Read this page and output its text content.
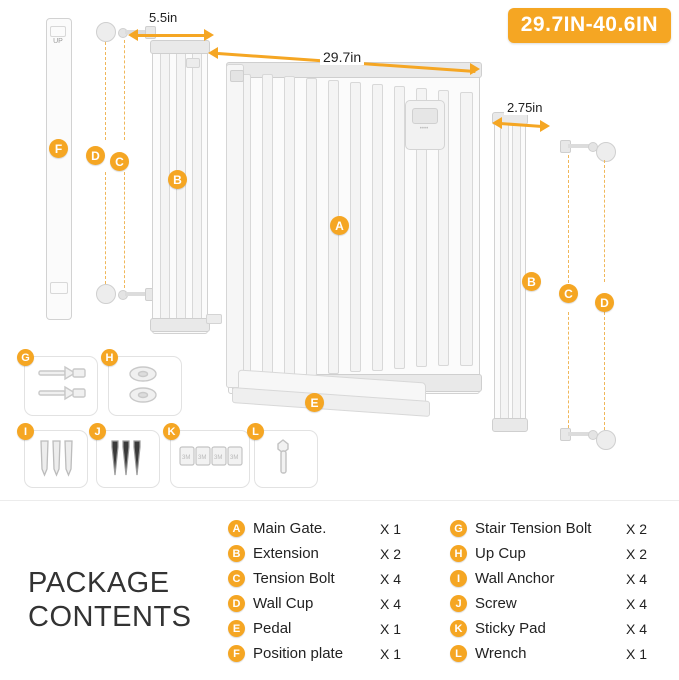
29.7IN-40.6IN
UP
••••
5.5in
29.7in
2.75in
F D C
B
A
B
C
D
E
G	H
I	J	K
3M 3M 3M 3M
L
PACKAGE
CONTENTS
A Main Gate.	X 1
B Extension	X 2
C Tension Bolt	X 4
D Wall Cup	X 4
E Pedal	X 1
F Position plate	X 1
G Stair Tension Bolt X 2
H Up Cup	X 2
I Wall Anchor	X 4
J Screw	X 4
K Sticky Pad	X 4
L Wrench	X 1
